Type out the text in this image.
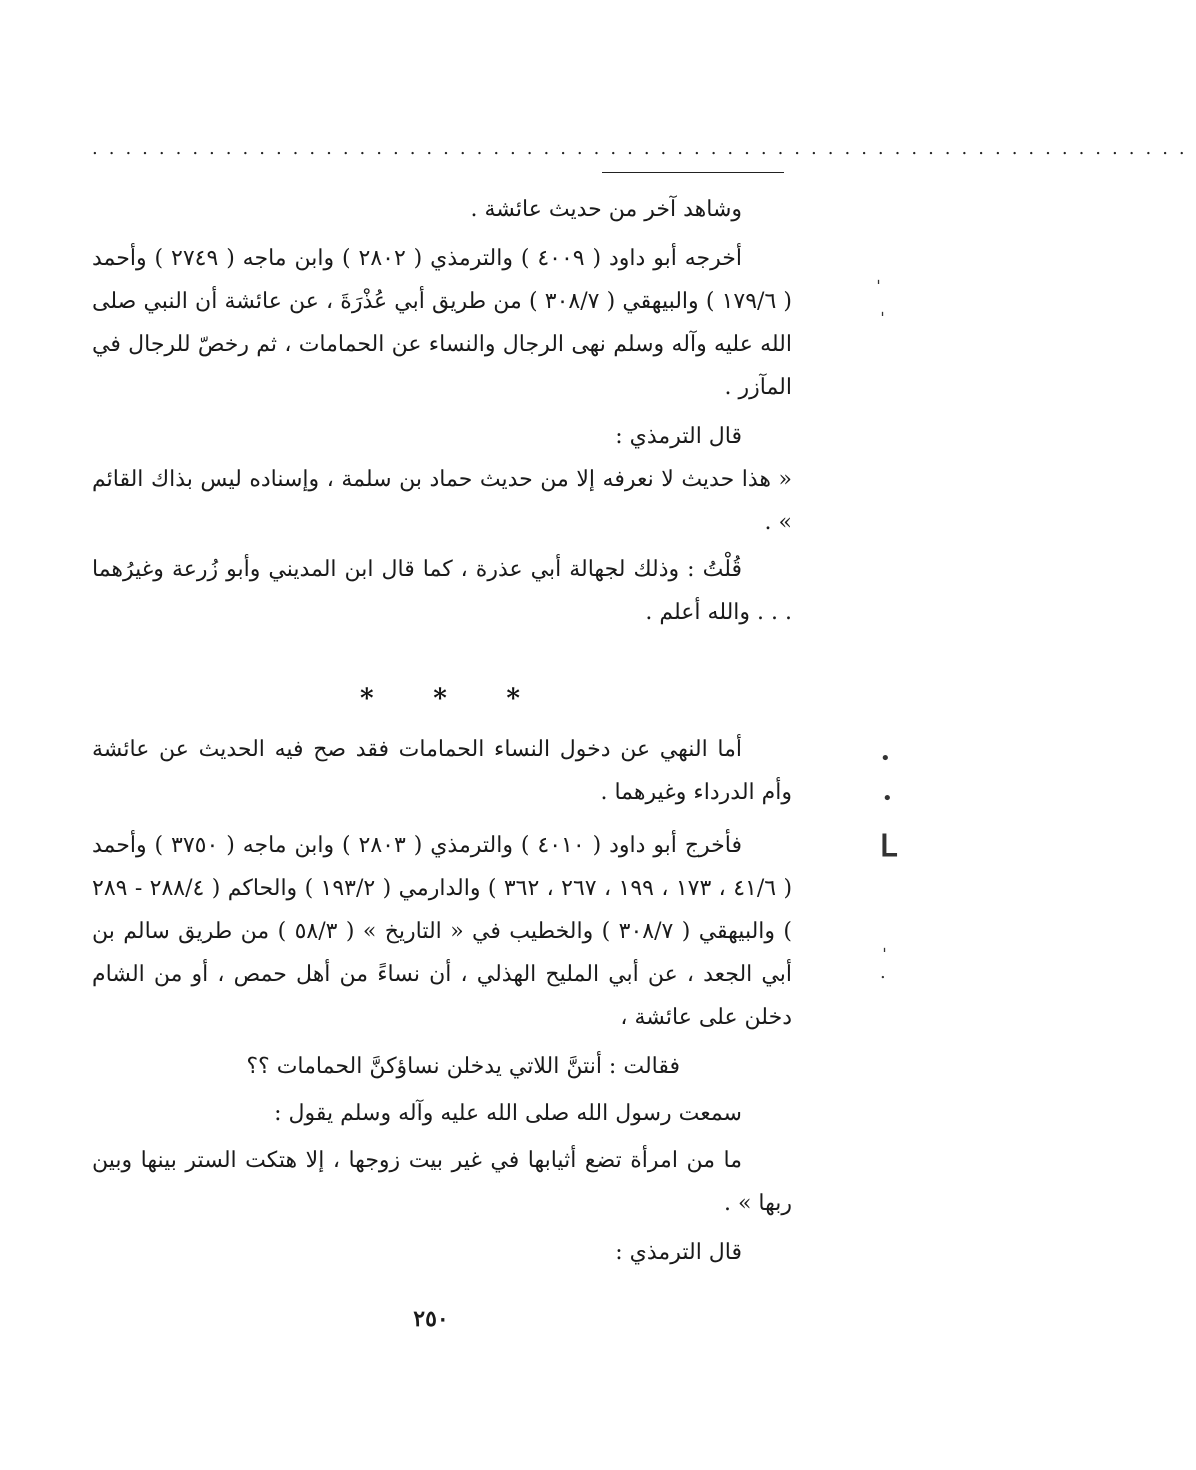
..................................................................

وشاهد آخر من حديث عائشة .

أخرجه أبو داود ( ٤٠٠٩ ) والترمذي ( ٢٨٠٢ ) وابن ماجه ( ٢٧٤٩ ) وأحمد ( ١٧٩/٦ ) والبيهقي ( ٣٠٨/٧ ) من طريق أبي عُذْرَةَ ، عن عائشة أن النبي صلى الله عليه وآله وسلم نهى الرجال والنساء عن الحمامات ، ثم رخصّ للرجال في المآزر .

قال الترمذي :

« هذا حديث لا نعرفه إلا من حديث حماد بن سلمة ، وإسناده ليس بذاك القائم » .

قُلْتُ : وذلك لجهالة أبي عذرة ، كما قال ابن المديني وأبو زُرعة وغيرُهما . . . والله أعلم .

* * *

أما النهي عن دخول النساء الحمامات فقد صح فيه الحديث عن عائشة وأم الدرداء وغيرهما .

فأخرج أبو داود ( ٤٠١٠ ) والترمذي ( ٢٨٠٣ ) وابن ماجه ( ٣٧٥٠ ) وأحمد ( ٤١/٦ ، ١٧٣ ، ١٩٩ ، ٢٦٧ ، ٣٦٢ ) والدارمي ( ١٩٣/٢ ) والحاكم ( ٢٨٨/٤ - ٢٨٩ ) والبيهقي ( ٣٠٨/٧ ) والخطيب في « التاريخ » ( ٥٨/٣ ) من طريق سالم بن أبي الجعد ، عن أبي المليح الهذلي ، أن نساءً من أهل حمص ، أو من الشام دخلن على عائشة ،

فقالت : أنتنَّ اللاتي يدخلن نساؤكنَّ الحمامات ؟؟

سمعت رسول الله صلى الله عليه وآله وسلم يقول :

ما من امرأة تضع أثيابها في غير بيت زوجها ، إلا هتكت الستر بينها وبين ربها » .

قال الترمذي :

٢٥٠
ˌ
ˌ
•
•
ᒪ
ˌ
.
